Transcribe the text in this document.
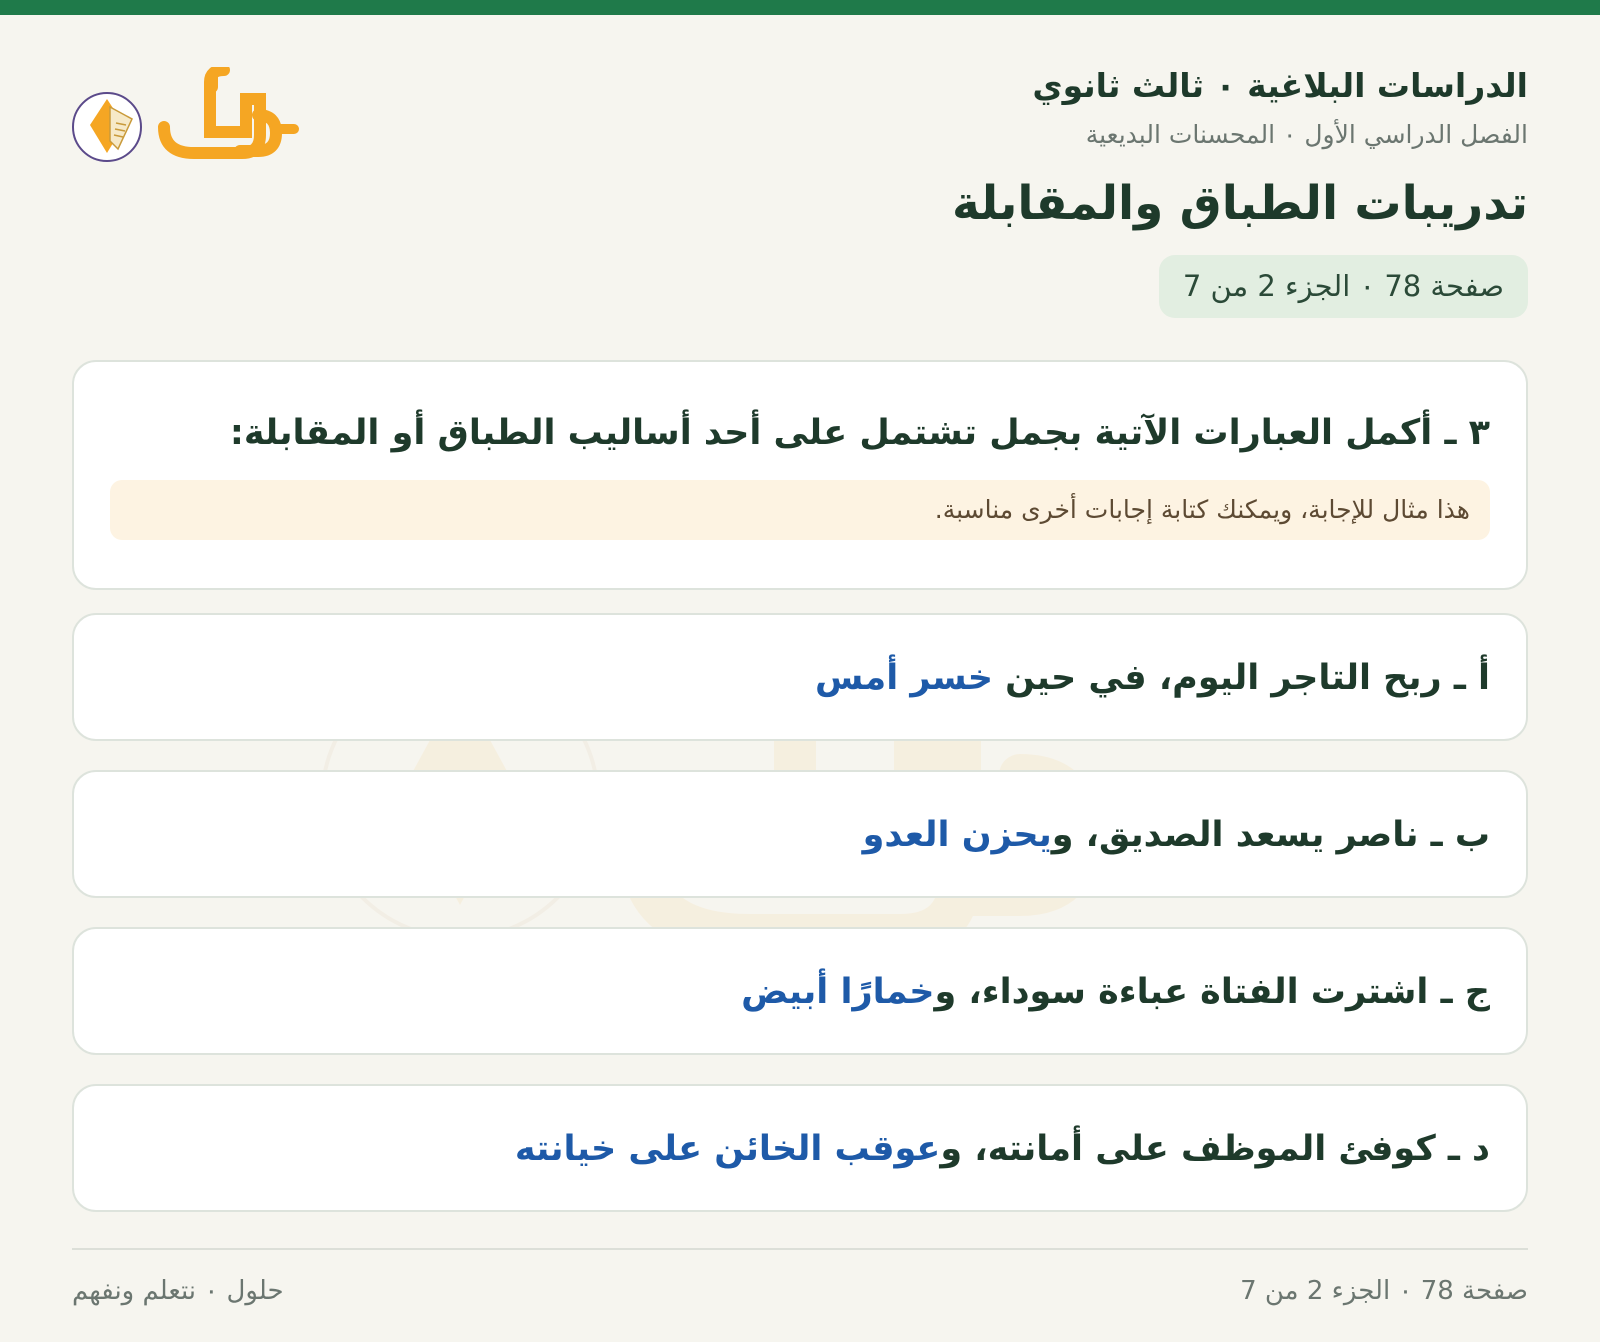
الدراسات البلاغية ٠ ثالث ثانوي
الفصل الدراسي الأول ٠ المحسنات البديعية
تدريبات الطباق والمقابلة
صفحة 78 ٠ الجزء 2 من 7
٣ ـ أكمل العبارات الآتية بجمل تشتمل على أحد أساليب الطباق أو المقابلة:
هذا مثال للإجابة، ويمكنك كتابة إجابات أخرى مناسبة.
أ ـ ربح التاجر اليوم، في حين خسر أمس
ب ـ ناصر يسعد الصديق، ويحزن العدو
ج ـ اشترت الفتاة عباءة سوداء، وخمارًا أبيض
د ـ كوفئ الموظف على أمانته، وعوقب الخائن على خيانته
صفحة 78 ٠ الجزء 2 من 7
حلول ٠ نتعلم ونفهم
